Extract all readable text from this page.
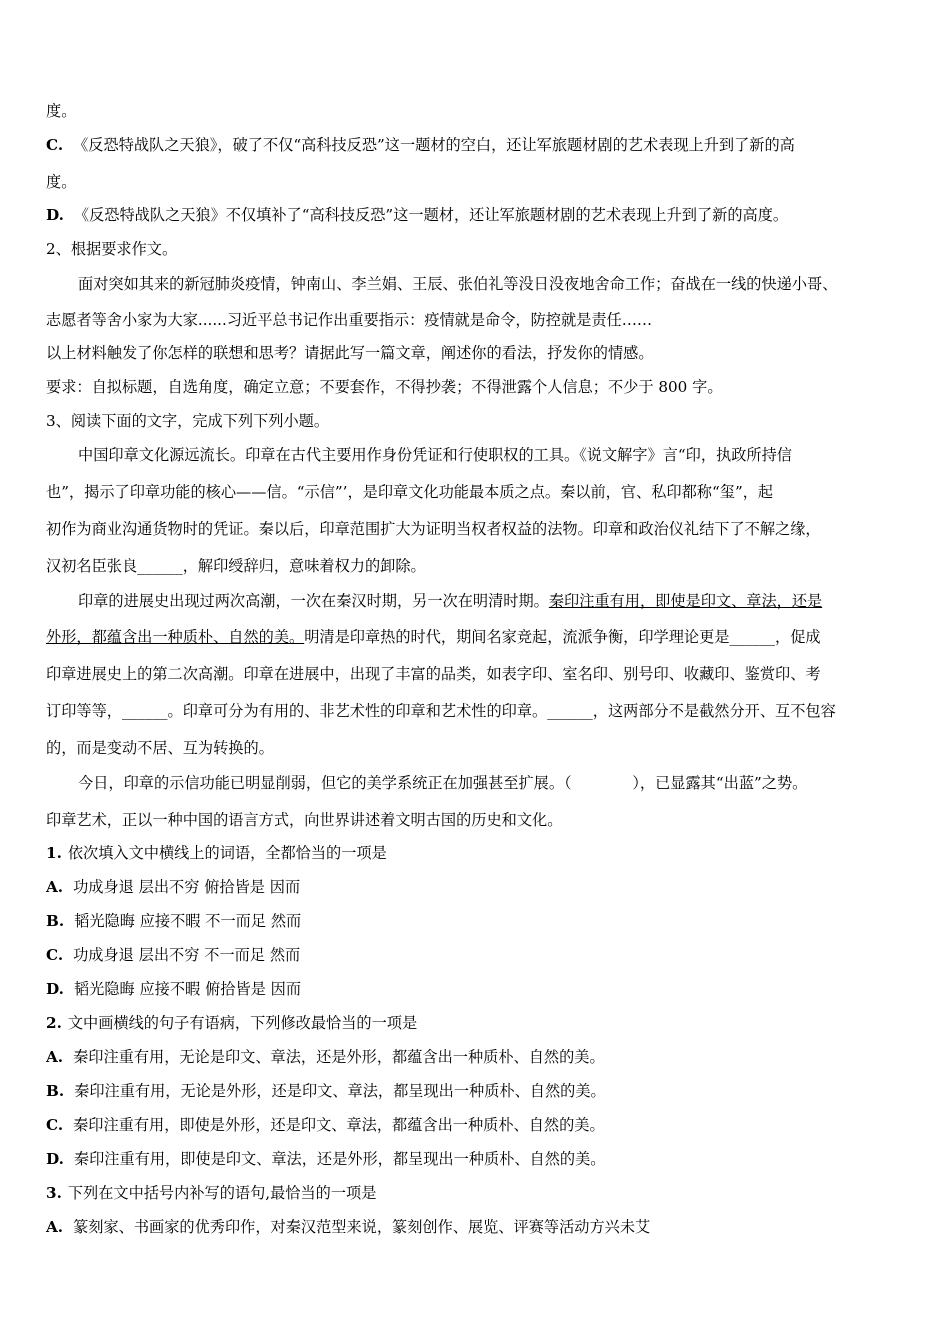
度。
C. 《反恐特战队之天狼》，破了不仅“高科技反恐”这一题材的空白，还让军旅题材剧的艺术表现上升到了新的高
度。
D. 《反恐特战队之天狼》不仅填补了“高科技反恐”这一题材，还让军旅题材剧的艺术表现上升到了新的高度。
2、根据要求作文。
面对突如其来的新冠肺炎疫情，钟南山、李兰娟、王辰、张伯礼等没日没夜地舍命工作；奋战在一线的快递小哥、
志愿者等舍小家为大家......习近平总书记作出重要指示：疫情就是命令，防控就是责任……
以上材料触发了你怎样的联想和思考？请据此写一篇文章，阐述你的看法，抒发你的情感。
要求：自拟标题，自选角度，确定立意；不要套作，不得抄袭；不得泄露个人信息；不少于 800 字。
3、阅读下面的文字，完成下列下列小题。
中国印章文化源远流长。印章在古代主要用作身份凭证和行使职权的工具。《说文解字》言“印，执政所持信
也”，揭示了印章功能的核心——信。“示信”’，是印章文化功能最本质之点。秦以前，官、私印都称“玺”，起
初作为商业沟通货物时的凭证。秦以后，印章范围扩大为证明当权者权益的法物。印章和政治仪礼结下了不解之缘，
汉初名臣张良______，解印绶辞归，意味着权力的卸除。
印章的进展史出现过两次高潮，一次在秦汉时期，另一次在明清时期。秦印注重有用，即使是印文、章法，还是
外形，都蕴含出一种质朴、自然的美。明清是印章热的时代，期间名家竞起，流派争衡，印学理论更是______，促成
印章进展史上的第二次高潮。印章在进展中，出现了丰富的品类，如表字印、室名印、别号印、收藏印、鉴赏印、考
订印等等，______。印章可分为有用的、非艺术性的印章和艺术性的印章。______，这两部分不是截然分开、互不包容
的，而是变动不居、互为转换的。
今日，印章的示信功能已明显削弱，但它的美学系统正在加强甚至扩展。（　　　　），已显露其“出蓝”之势。
印章艺术，正以一种中国的语言方式，向世界讲述着文明古国的历史和文化。
1. 依次填入文中横线上的词语，全都恰当的一项是
A. 功成身退 层出不穷 俯拾皆是 因而
B. 韬光隐晦 应接不暇 不一而足 然而
C. 功成身退 层出不穷 不一而足 然而
D. 韬光隐晦 应接不暇 俯拾皆是 因而
2. 文中画横线的句子有语病，下列修改最恰当的一项是
A. 秦印注重有用，无论是印文、章法，还是外形，都蕴含出一种质朴、自然的美。
B. 秦印注重有用，无论是外形，还是印文、章法，都呈现出一种质朴、自然的美。
C. 秦印注重有用，即使是外形，还是印文、章法，都蕴含出一种质朴、自然的美。
D. 秦印注重有用，即使是印文、章法，还是外形，都呈现出一种质朴、自然的美。
3. 下列在文中括号内补写的语句,最恰当的一项是
A. 篆刻家、书画家的优秀印作，对秦汉范型来说，篆刻创作、展览、评赛等活动方兴未艾
